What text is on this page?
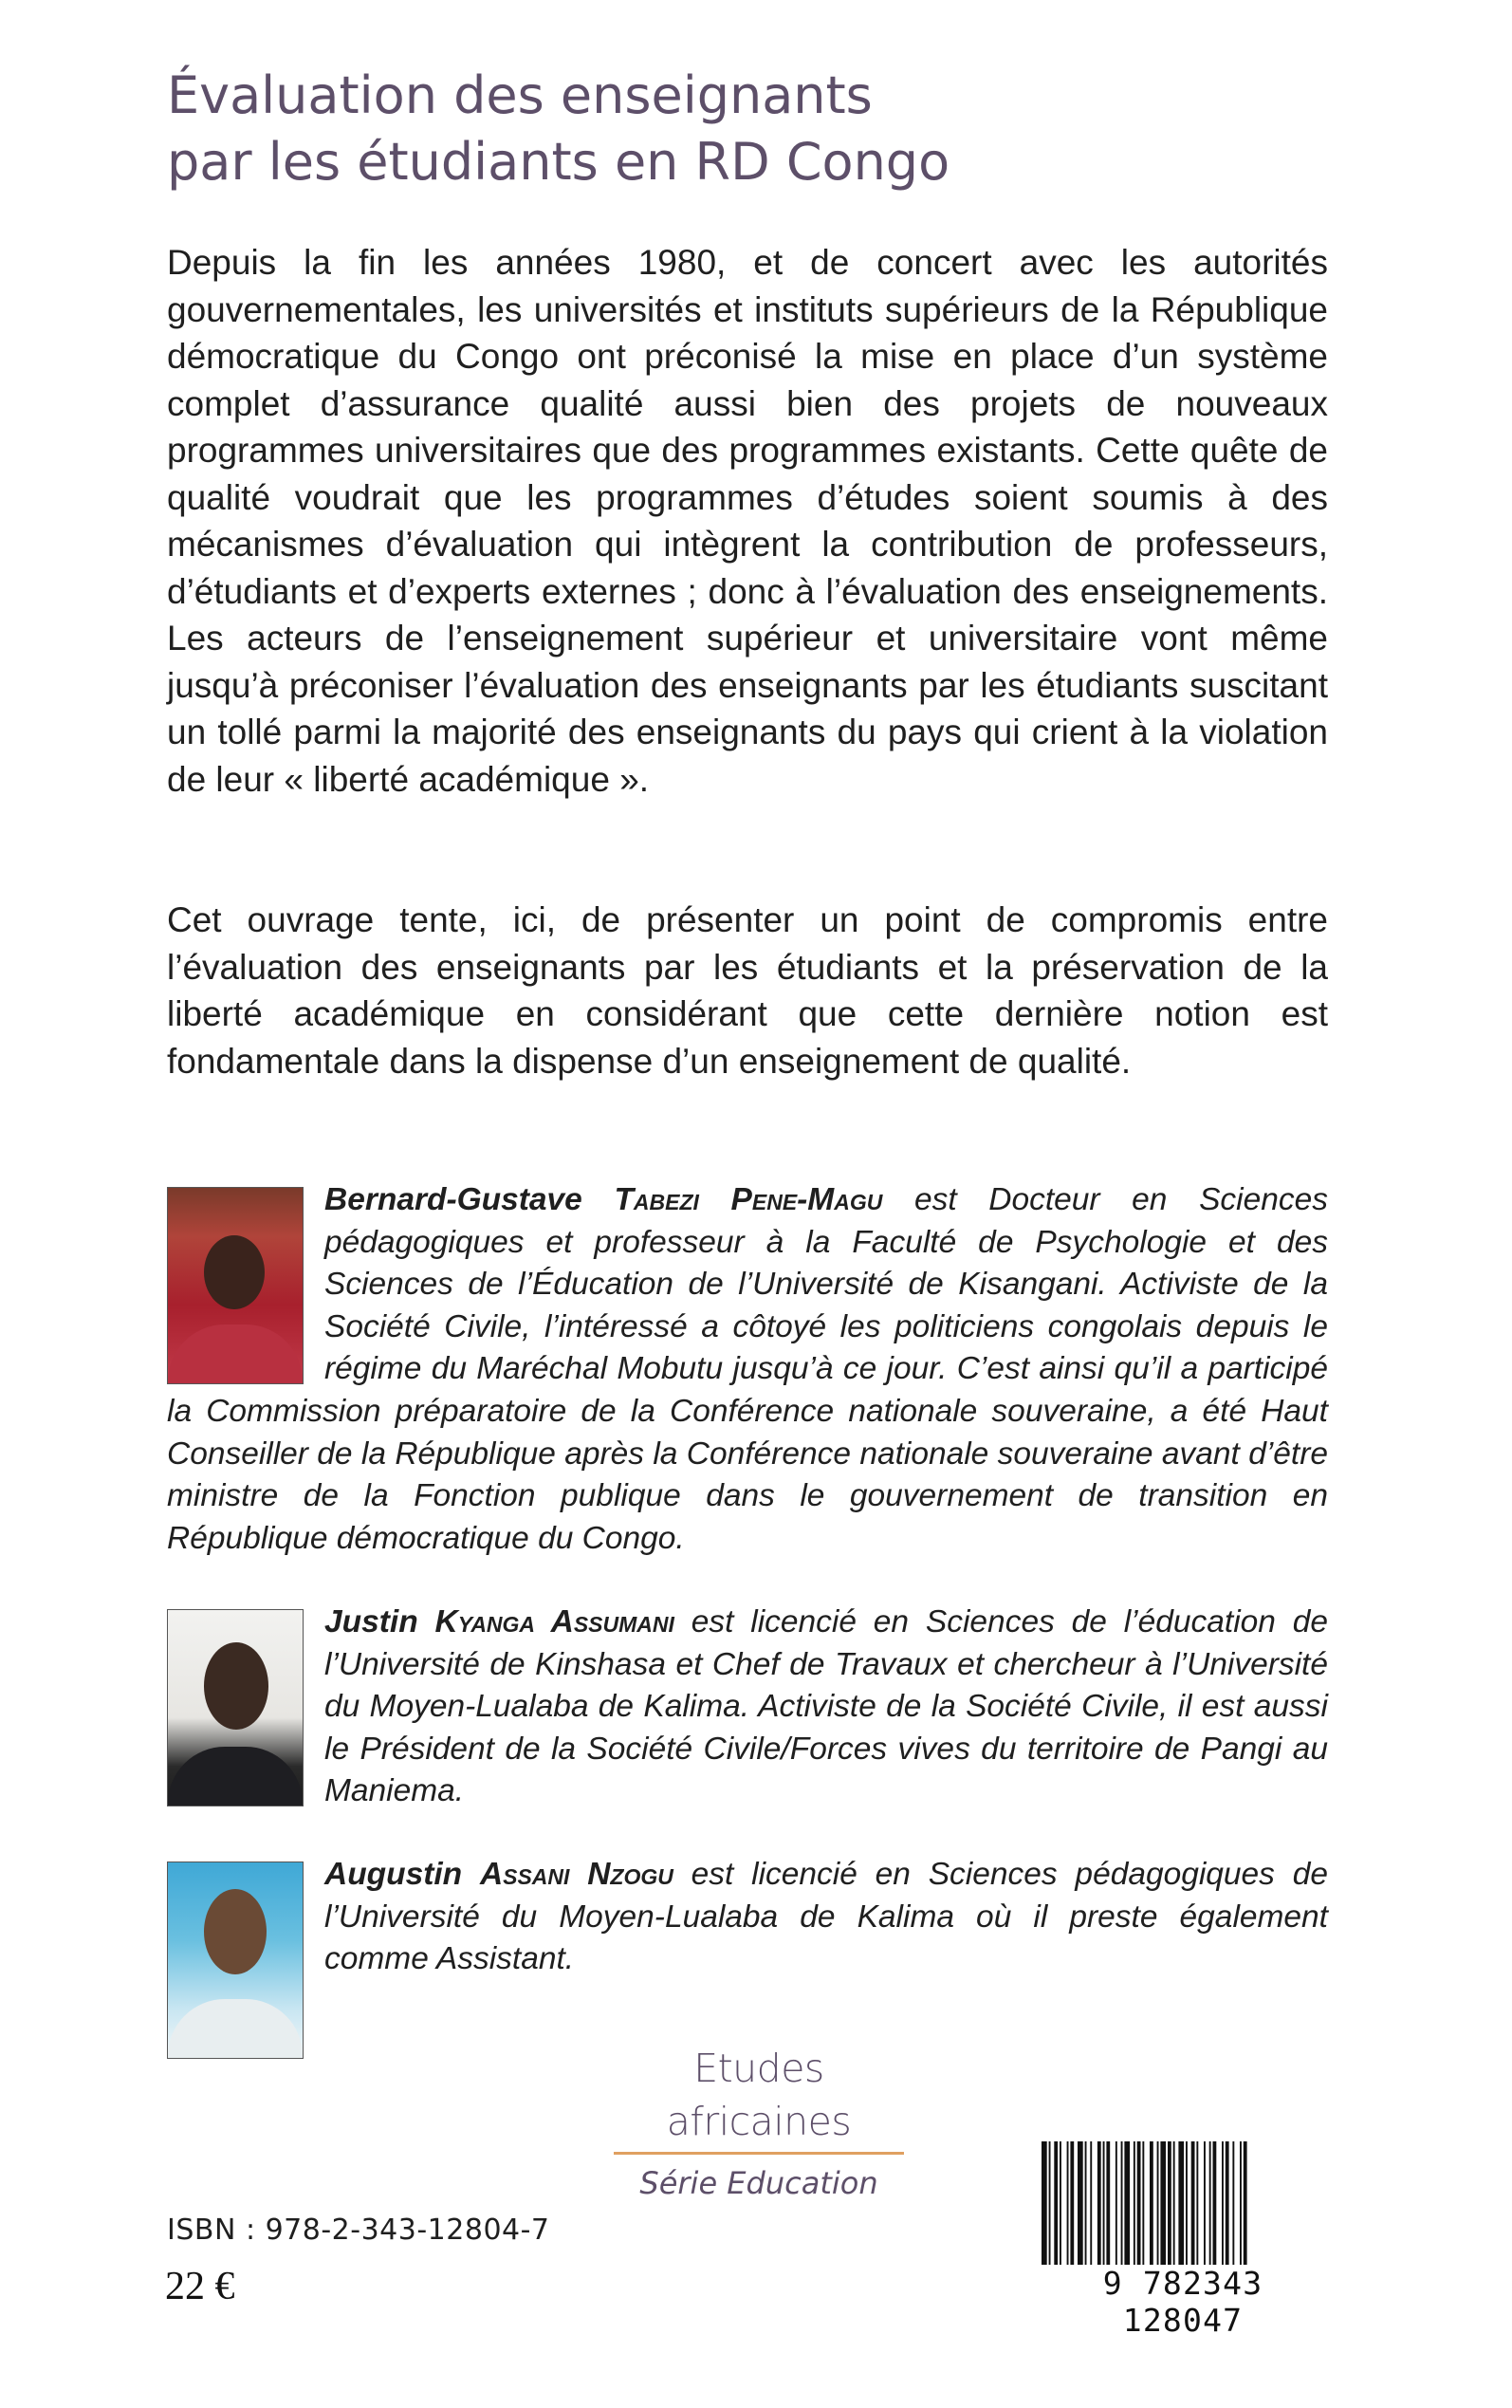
Évaluation des enseignants
par les étudiants en RD Congo

Depuis la fin les années 1980, et de concert avec les autorités gouvernementales, les universités et instituts supérieurs de la République démocratique du Congo ont préconisé la mise en place d’un système complet d’assurance qualité aussi bien des projets de nouveaux programmes universitaires que des programmes existants. Cette quête de qualité voudrait que les programmes d’études soient soumis à des mécanismes d’évaluation qui intègrent la contribution de professeurs, d’étudiants et d’experts externes ; donc à l’évaluation des enseignements. Les acteurs de l’enseignement supérieur et universitaire vont même jusqu’à préconiser l’évaluation des enseignants par les étudiants suscitant un tollé parmi la majorité des enseignants du pays qui crient à la violation de leur « liberté académique ».

Cet ouvrage tente, ici, de présenter un point de compromis entre l’évaluation des enseignants par les étudiants et la préservation de la liberté académique en considérant que cette dernière notion est fondamentale dans la dispense d’un enseignement de qualité.

Bernard-Gustave Tabezi Pene-Magu est Docteur en Sciences pédagogiques et professeur à la Faculté de Psychologie et des Sciences de l’Éducation de l’Université de Kisangani. Activiste de la Société Civile, l’intéressé a côtoyé les politiciens congolais depuis le régime du Maréchal Mobutu jusqu’à ce jour. C’est ainsi qu’il a participé la Commission préparatoire de la Conférence nationale souveraine, a été Haut Conseiller de la République après la Conférence nationale souveraine avant d’être ministre de la Fonction publique dans le gouvernement de transition en République démocratique du Congo.
Justin Kyanga Assumani est licencié en Sciences de l’éducation de l’Université de Kinshasa et Chef de Travaux et chercheur à l’Université du Moyen-Lualaba de Kalima. Activiste de la Société Civile, il est aussi le Président de la Société Civile/Forces vives du territoire de Pangi au Maniema.
Augustin Assani Nzogu est licencié en Sciences pédagogiques de l’Université du Moyen-Lualaba de Kalima où il preste également comme Assistant.
Etudes africaines
Série Education
ISBN : 978-2-343-12804-7
22 €	9 782343 128047
